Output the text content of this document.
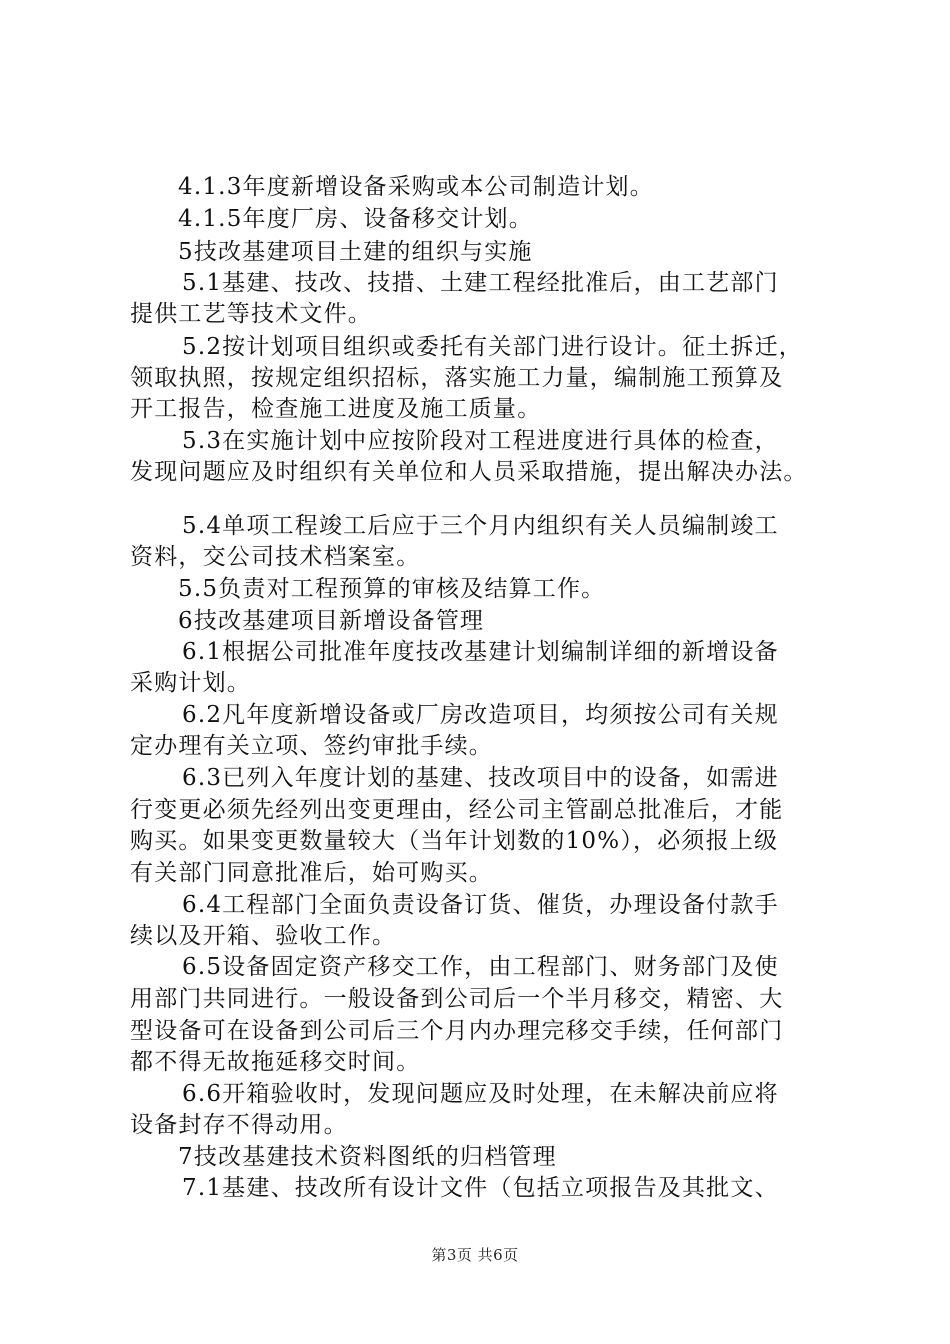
4.1.3年度新增设备采购或本公司制造计划。
4.1.5年度厂房、设备移交计划。
5技改基建项目土建的组织与实施
5.1基建、技改、技措、土建工程经批准后，由工艺部门
提供工艺等技术文件。
5.2按计划项目组织或委托有关部门进行设计。征土拆迁，
领取执照，按规定组织招标，落实施工力量，编制施工预算及
开工报告，检查施工进度及施工质量。
5.3在实施计划中应按阶段对工程进度进行具体的检查，
发现问题应及时组织有关单位和人员采取措施，提出解决办法。
5.4单项工程竣工后应于三个月内组织有关人员编制竣工
资料，交公司技术档案室。
5.5负责对工程预算的审核及结算工作。
6技改基建项目新增设备管理
6.1根据公司批准年度技改基建计划编制详细的新增设备
采购计划。
6.2凡年度新增设备或厂房改造项目，均须按公司有关规
定办理有关立项、签约审批手续。
6.3已列入年度计划的基建、技改项目中的设备，如需进
行变更必须先经列出变更理由，经公司主管副总批准后，才能
购买。如果变更数量较大（当年计划数的10%），必须报上级
有关部门同意批准后，始可购买。
6.4工程部门全面负责设备订货、催货，办理设备付款手
续以及开箱、验收工作。
6.5设备固定资产移交工作，由工程部门、财务部门及使
用部门共同进行。一般设备到公司后一个半月移交，精密、大
型设备可在设备到公司后三个月内办理完移交手续，任何部门
都不得无故拖延移交时间。
6.6开箱验收时，发现问题应及时处理，在未解决前应将
设备封存不得动用。
7技改基建技术资料图纸的归档管理
7.1基建、技改所有设计文件（包括立项报告及其批文、
第3页 共6页
